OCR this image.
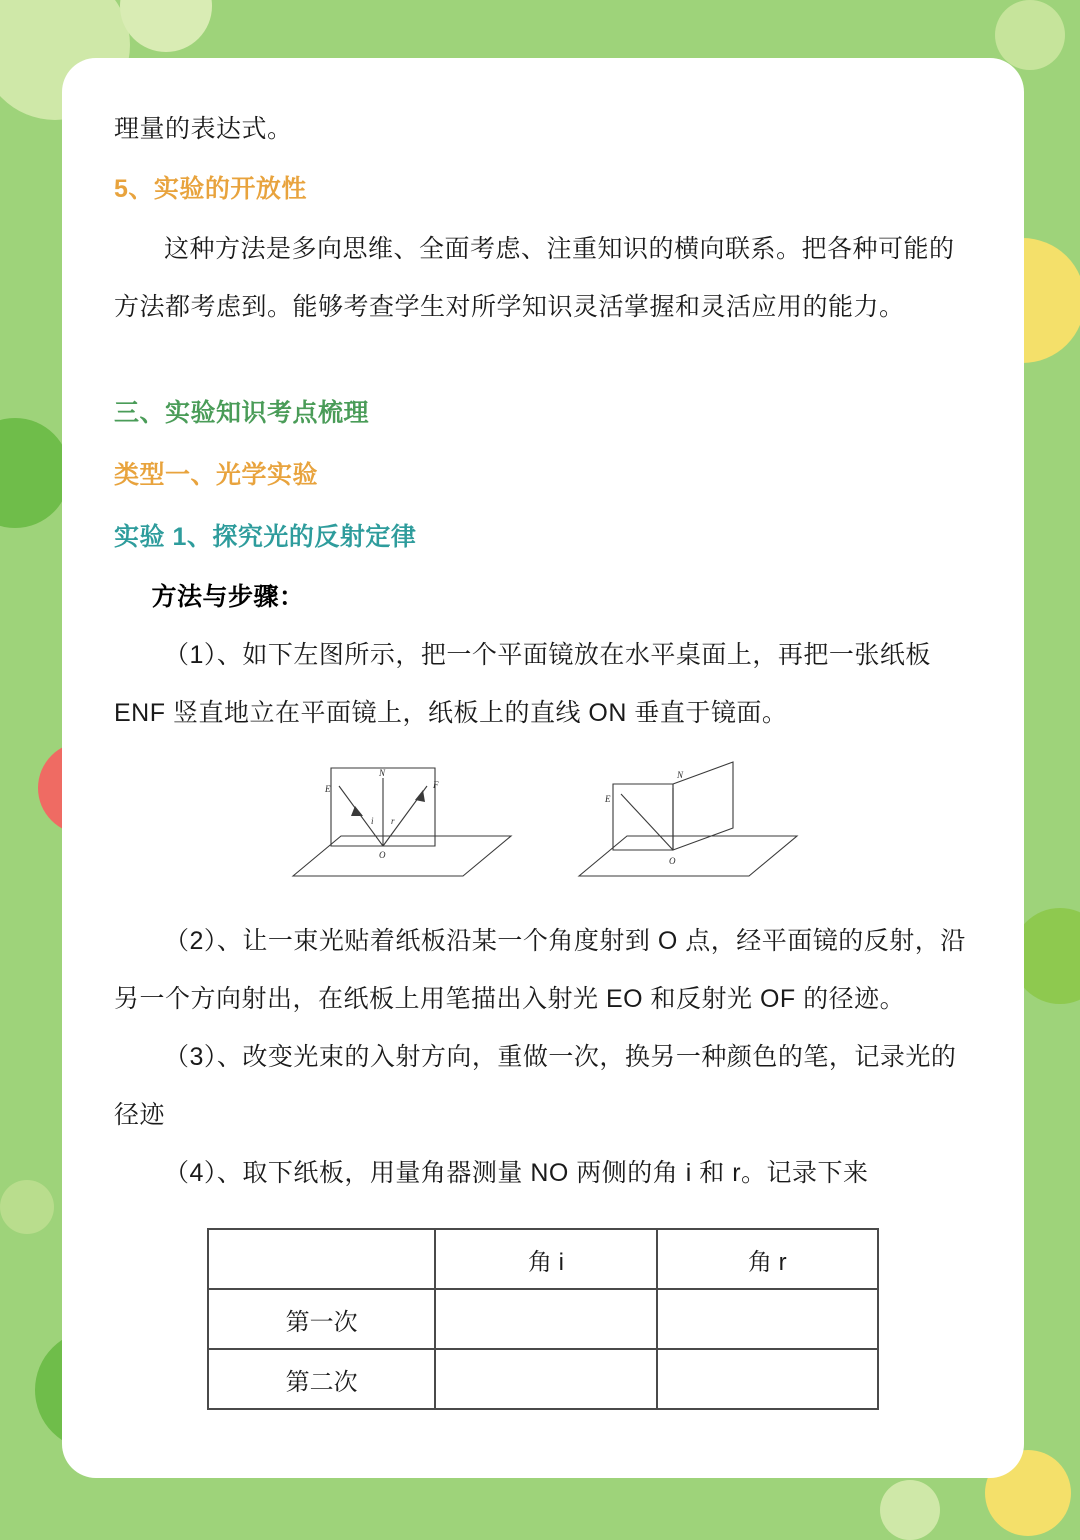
理量的表达式。

5、实验的开放性

这种方法是多向思维、全面考虑、注重知识的横向联系。把各种可能的方法都考虑到。能够考查学生对所学知识灵活掌握和灵活应用的能力。

三、实验知识考点梳理

类型一、光学实验

实验 1、探究光的反射定律

方法与步骤：

（1）、如下左图所示，把一个平面镜放在水平桌面上，再把一张纸板 ENF 竖直地立在平面镜上，纸板上的直线 ON 垂直于镜面。

E
N
F
i r
O
E
N
O

（2）、让一束光贴着纸板沿某一个角度射到 O 点，经平面镜的反射，沿另一个方向射出，在纸板上用笔描出入射光 EO 和反射光 OF 的径迹。

（3）、改变光束的入射方向，重做一次，换另一种颜色的笔，记录光的径迹

（4）、取下纸板，用量角器测量 NO 两侧的角 i 和 r。记录下来

	角 i	角 r
第一次		
第二次		
